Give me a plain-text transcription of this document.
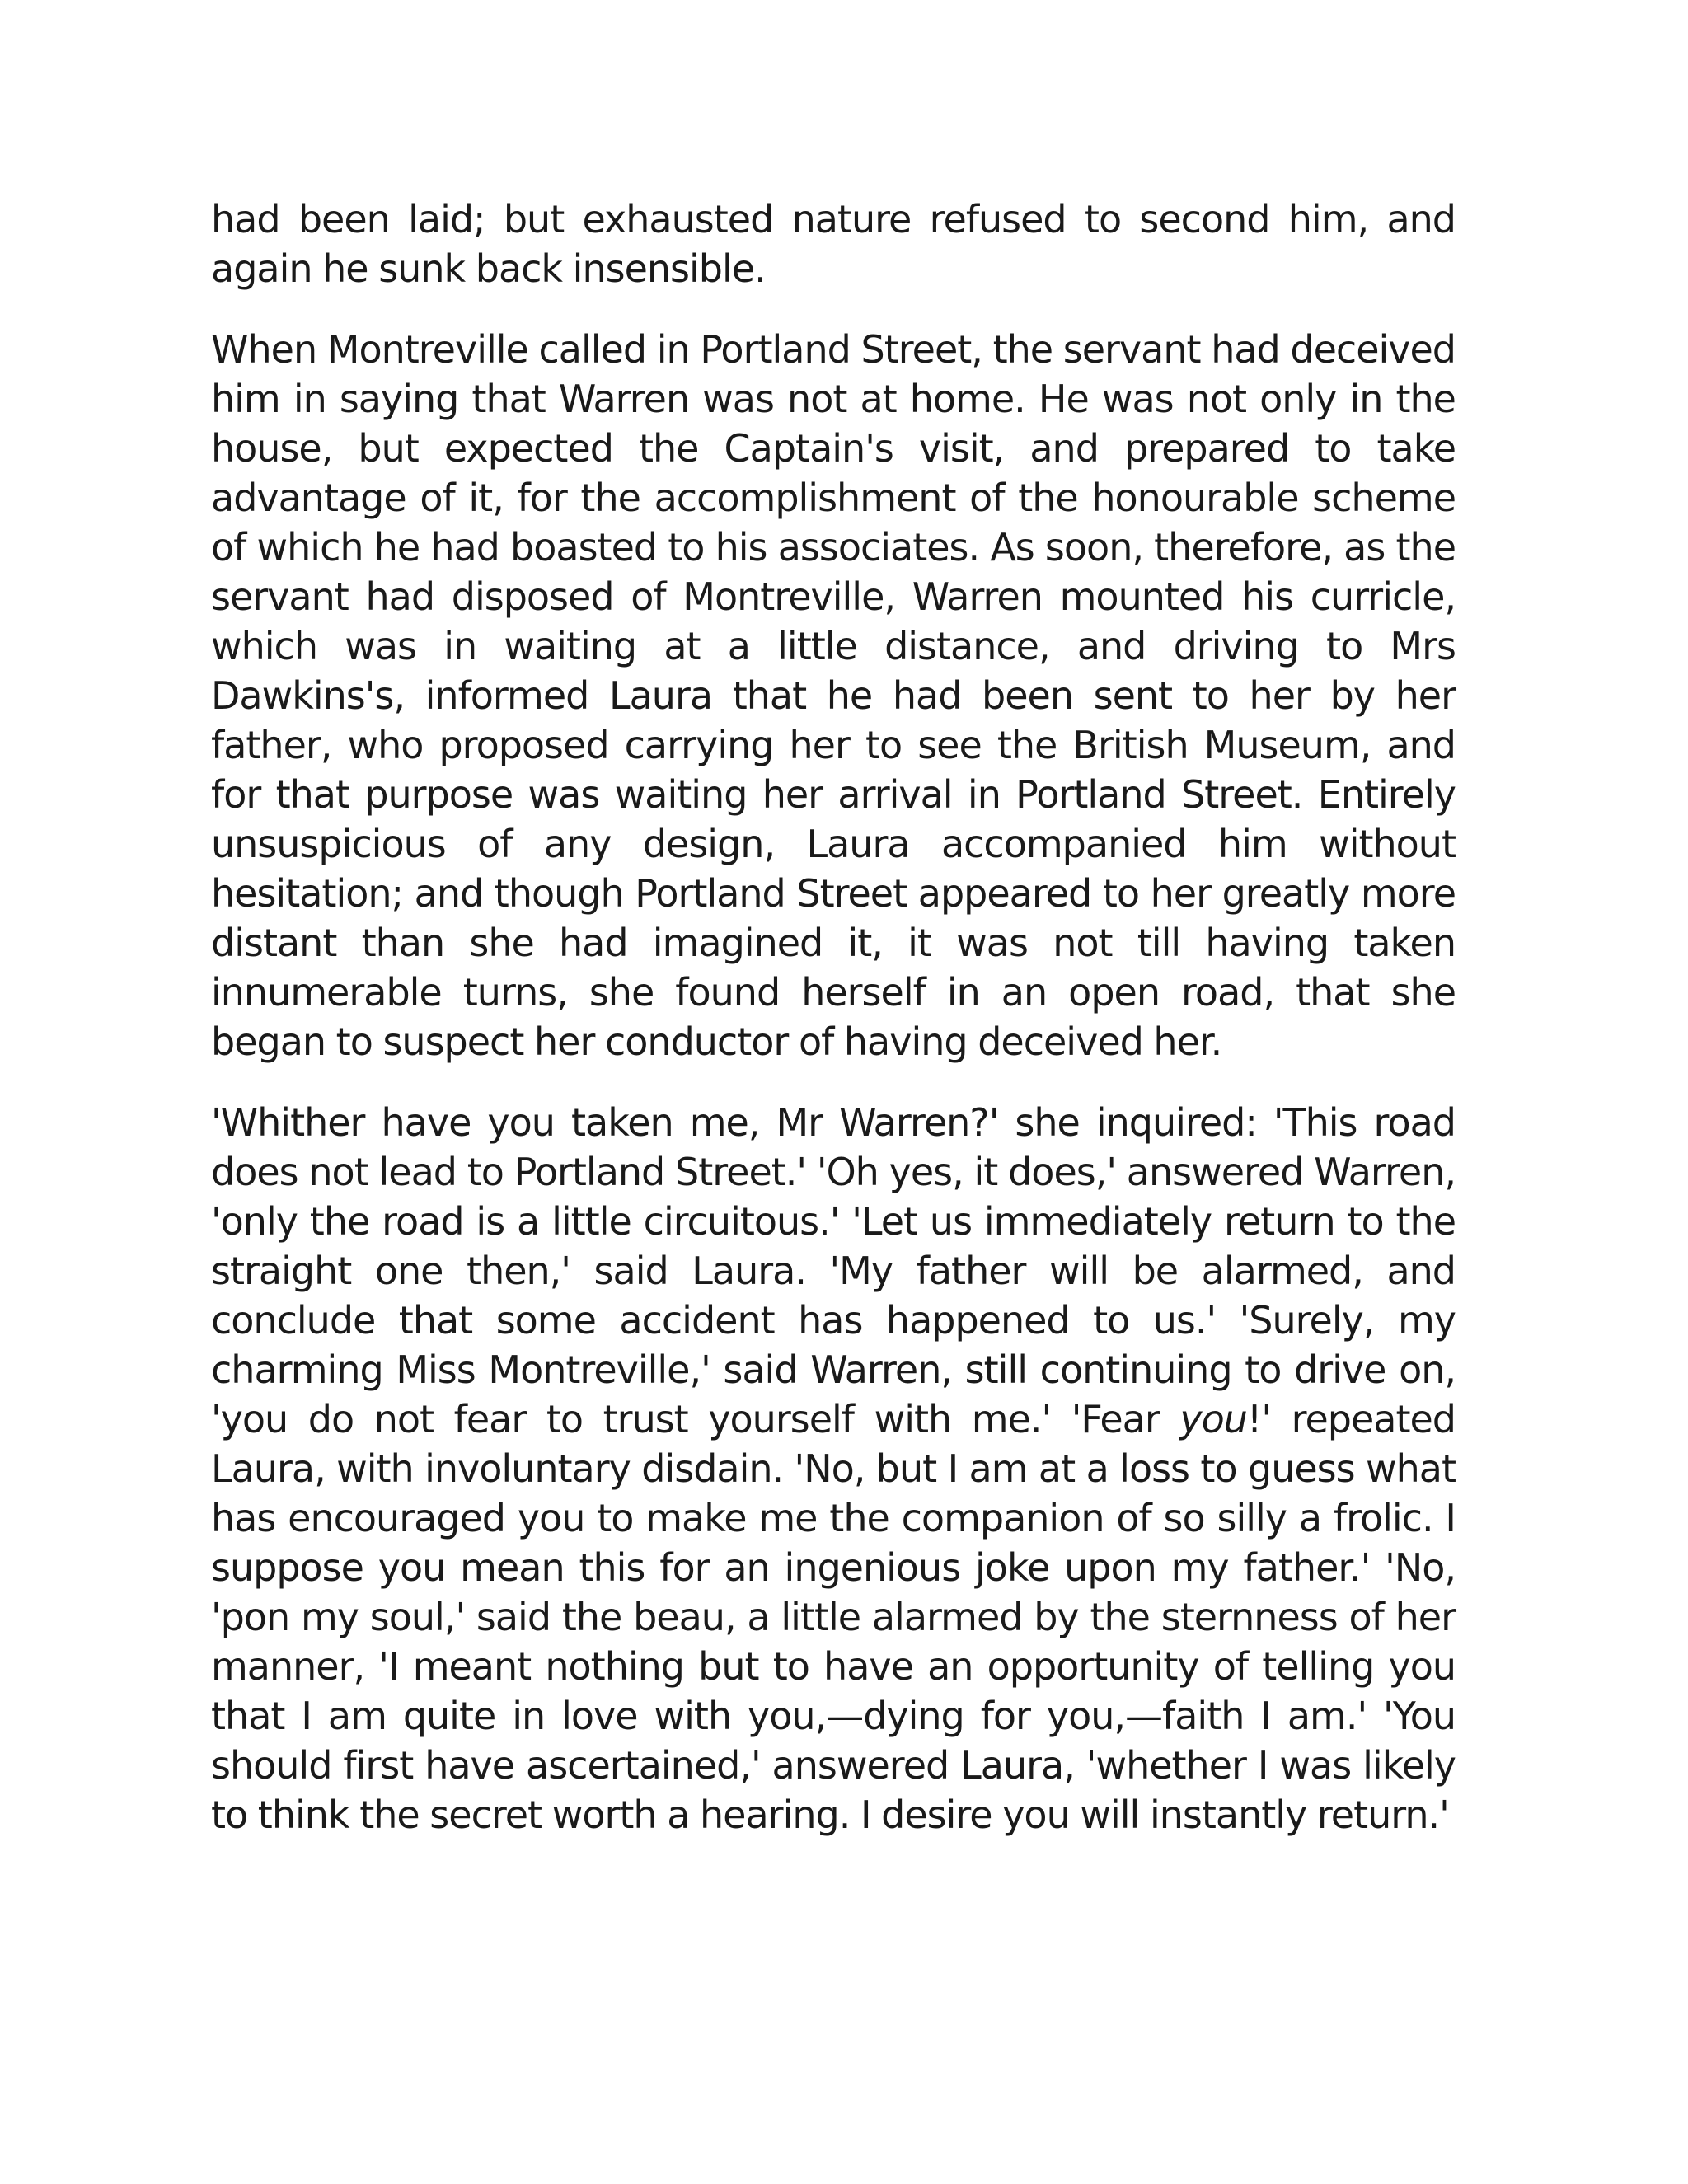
had been laid; but exhausted nature refused to second him, and again he sunk back insensible.

When Montreville called in Portland Street, the servant had deceived him in saying that Warren was not at home. He was not only in the house, but expected the Captain's visit, and prepared to take advantage of it, for the accomplishment of the honourable scheme of which he had boasted to his associates. As soon, therefore, as the servant had disposed of Montreville, Warren mounted his curricle, which was in waiting at a little distance, and driving to Mrs Dawkins's, informed Laura that he had been sent to her by her father, who proposed carrying her to see the British Museum, and for that purpose was waiting her arrival in Portland Street. Entirely unsuspicious of any design, Laura accompanied him without hesitation; and though Portland Street appeared to her greatly more distant than she had imagined it, it was not till having taken innumerable turns, she found herself in an open road, that she began to suspect her conductor of having deceived her.

'Whither have you taken me, Mr Warren?' she inquired: 'This road does not lead to Portland Street.' 'Oh yes, it does,' answered Warren, 'only the road is a little circuitous.' 'Let us immediately return to the straight one then,' said Laura. 'My father will be alarmed, and conclude that some accident has happened to us.' 'Surely, my charming Miss Montreville,' said Warren, still continuing to drive on, 'you do not fear to trust yourself with me.' 'Fear you!' repeated Laura, with involuntary disdain. 'No, but I am at a loss to guess what has encouraged you to make me the companion of so silly a frolic. I suppose you mean this for an ingenious joke upon my father.' 'No, 'pon my soul,' said the beau, a little alarmed by the sternness of her manner, 'I meant nothing but to have an opportunity of telling you that I am quite in love with you,—dying for you,—faith I am.' 'You should first have ascertained,' answered Laura, 'whether I was likely to think the secret worth a hearing. I desire you will instantly return.'
